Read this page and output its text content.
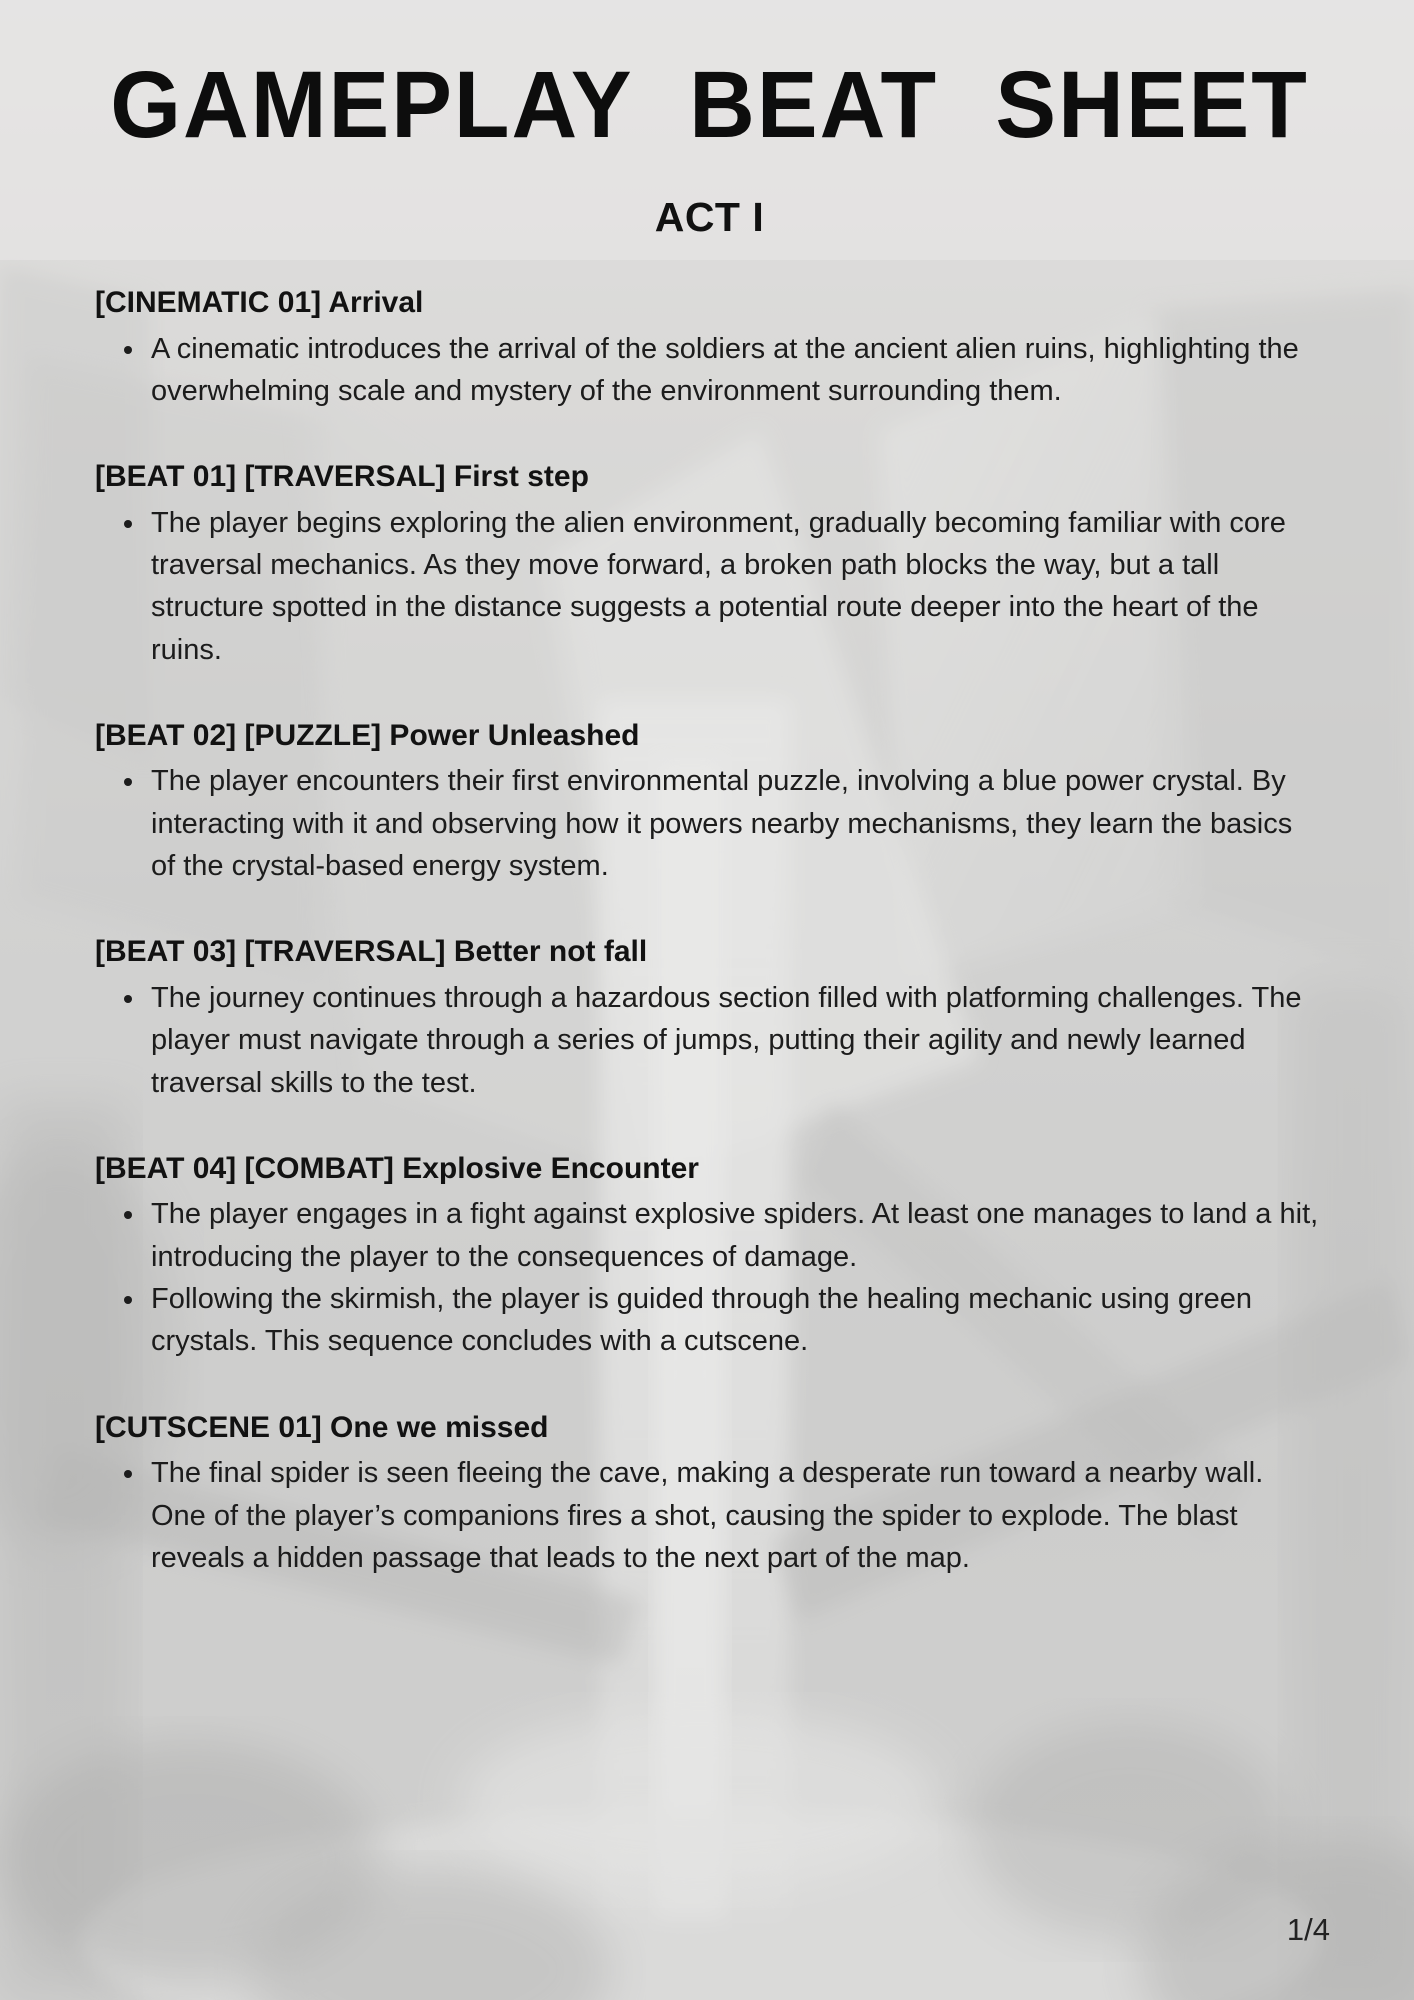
GAMEPLAY BEAT SHEET
ACT I
[CINEMATIC 01] Arrival
• A cinematic introduces the arrival of the soldiers at the ancient alien ruins, highlighting the overwhelming scale and mystery of the environment surrounding them.
[BEAT 01] [TRAVERSAL] First step
• The player begins exploring the alien environment, gradually becoming familiar with core traversal mechanics. As they move forward, a broken path blocks the way, but a tall structure spotted in the distance suggests a potential route deeper into the heart of the ruins.
[BEAT 02] [PUZZLE] Power Unleashed
• The player encounters their first environmental puzzle, involving a blue power crystal. By interacting with it and observing how it powers nearby mechanisms, they learn the basics of the crystal-based energy system.
[BEAT 03] [TRAVERSAL] Better not fall
• The journey continues through a hazardous section filled with platforming challenges. The player must navigate through a series of jumps, putting their agility and newly learned traversal skills to the test.
[BEAT 04] [COMBAT] Explosive Encounter
• The player engages in a fight against explosive spiders. At least one manages to land a hit, introducing the player to the consequences of damage.
• Following the skirmish, the player is guided through the healing mechanic using green crystals. This sequence concludes with a cutscene.
[CUTSCENE 01] One we missed
• The final spider is seen fleeing the cave, making a desperate run toward a nearby wall. One of the player’s companions fires a shot, causing the spider to explode. The blast reveals a hidden passage that leads to the next part of the map.
1/4
